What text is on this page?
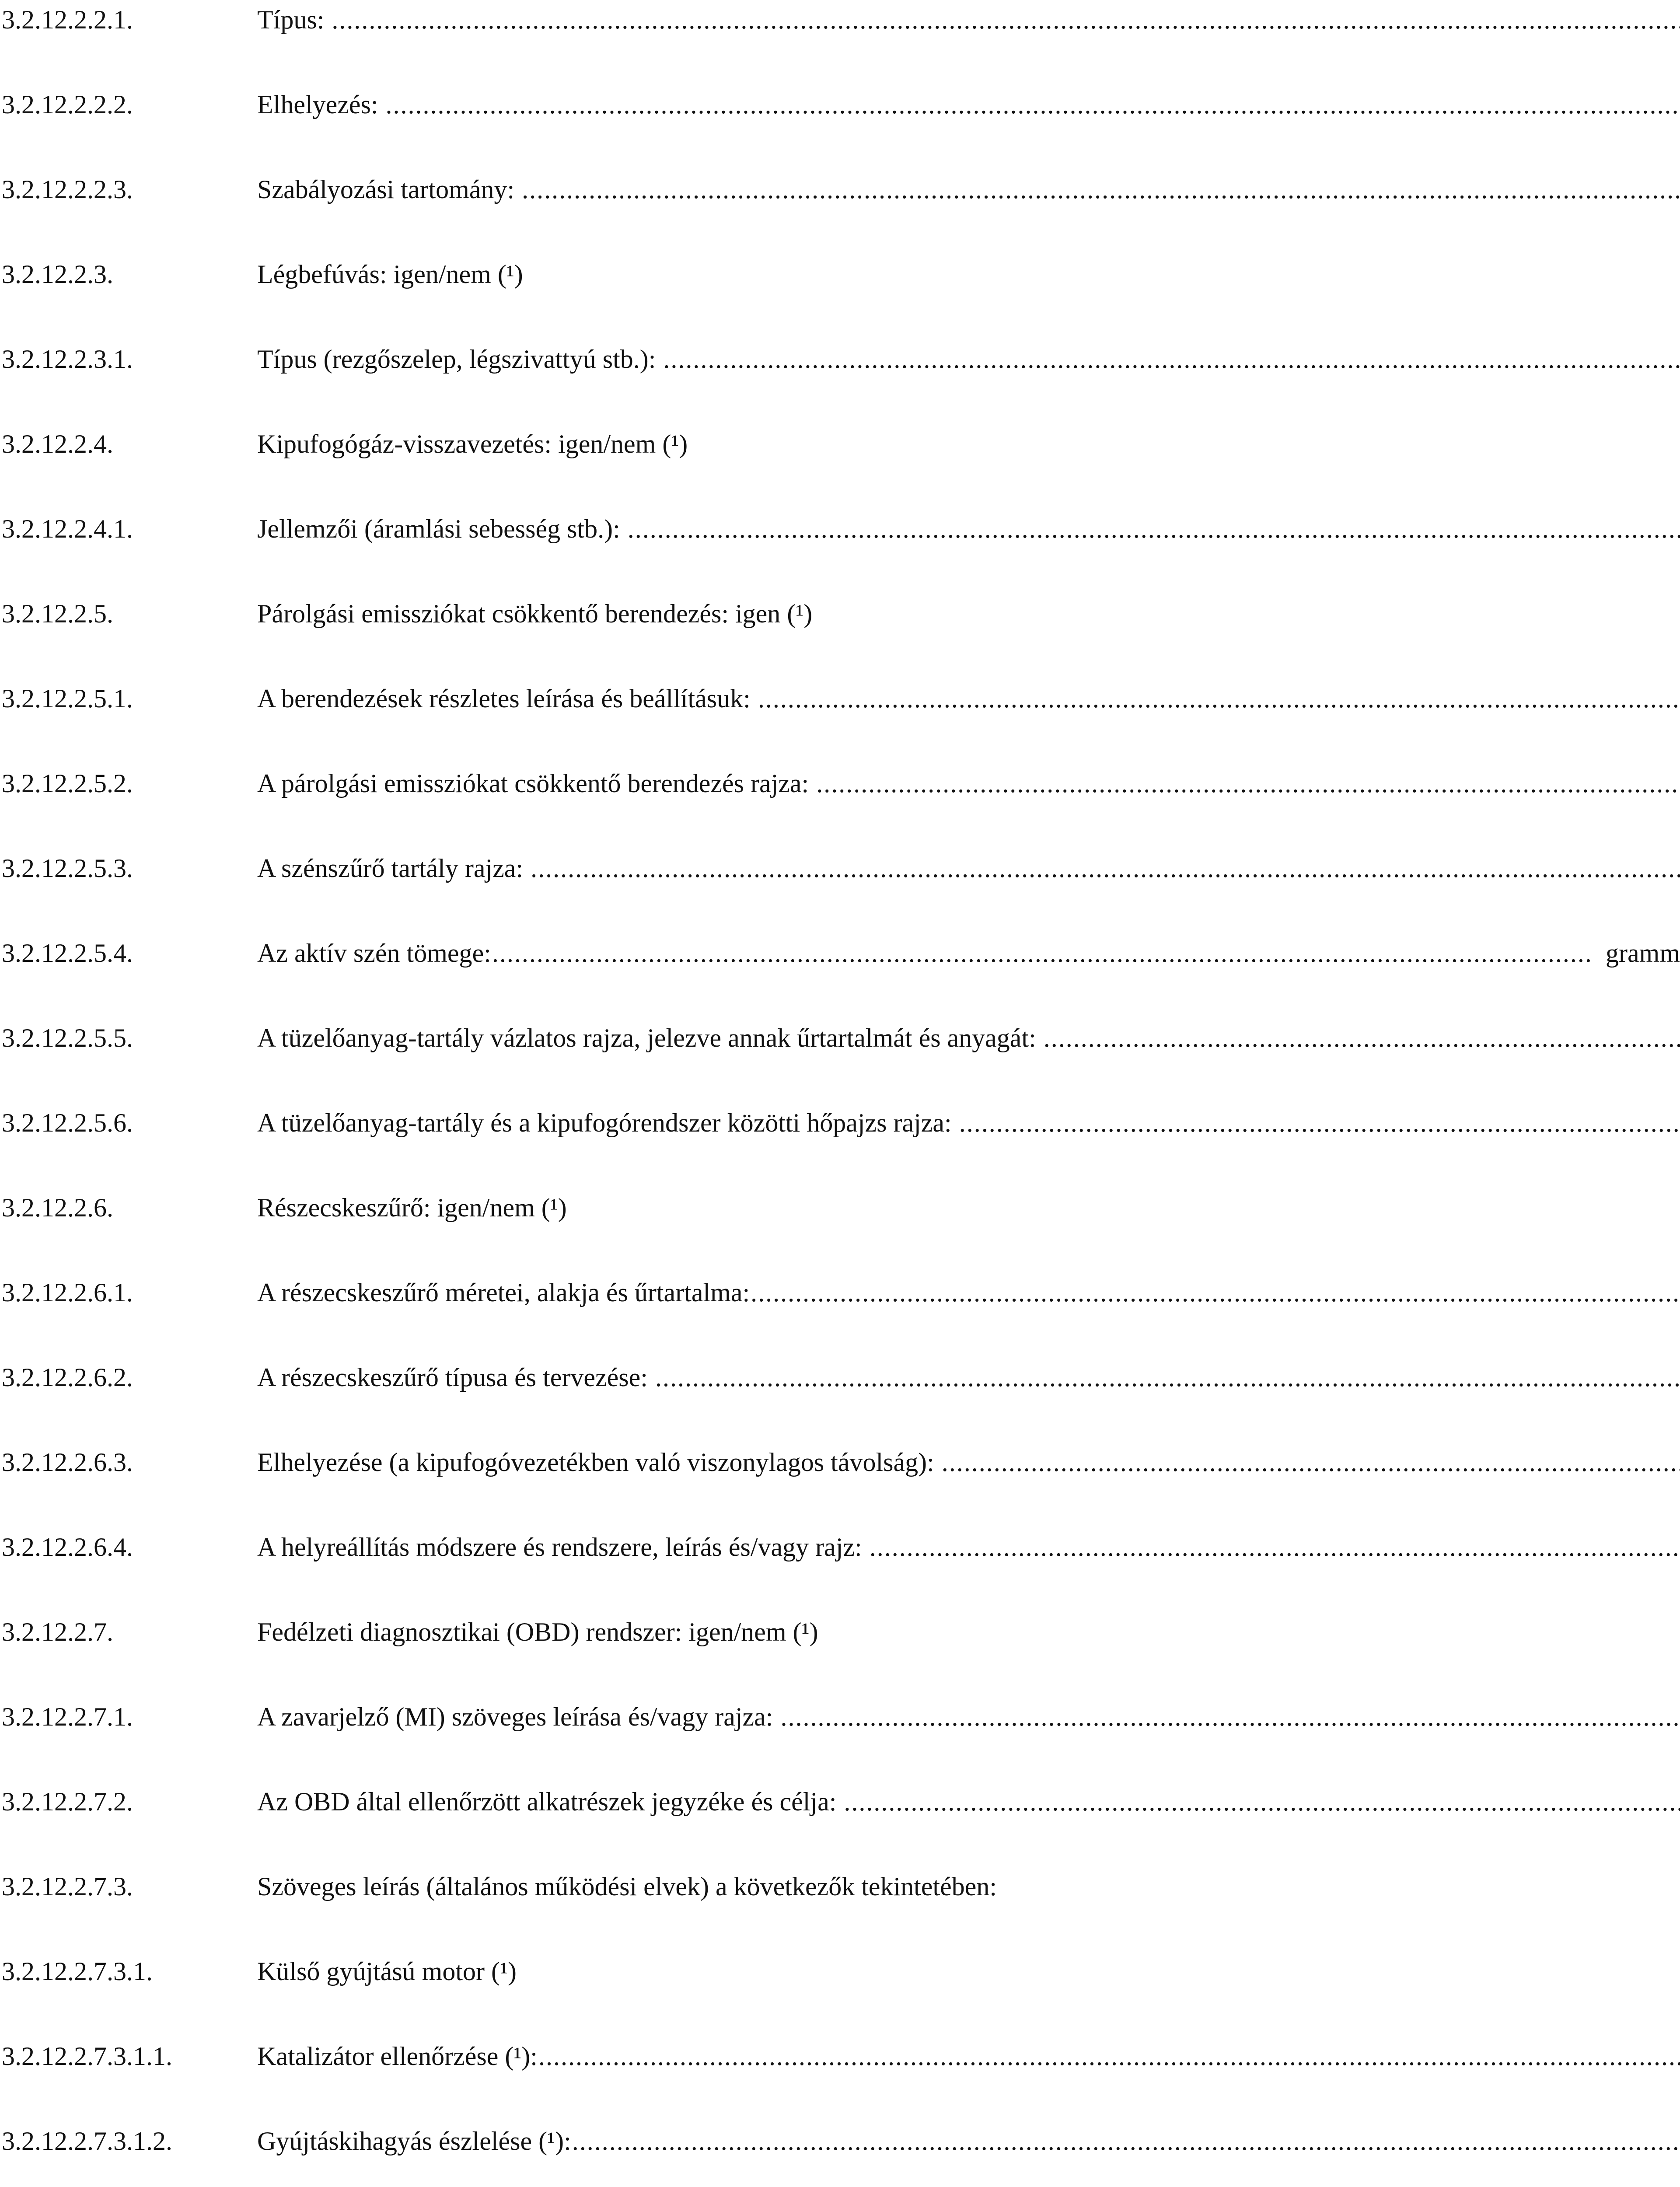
3.2.12.2.2.1.	Típus:
.....
3.2.12.2.2.2.	Elhelyezés:
.....
3.2.12.2.2.3.	Szabályozási tartomány:
.....
3.2.12.2.3.	Légbefúvás: igen/nem (¹)
3.2.12.2.3.1.	Típus (rezgőszelep, légszivattyú stb.):
.....
3.2.12.2.4.	Kipufogógáz-visszavezetés: igen/nem (¹)
3.2.12.2.4.1.	Jellemzői (áramlási sebesség stb.):
.....
3.2.12.2.5.	Párolgási emissziókat csökkentő berendezés: igen (¹)
3.2.12.2.5.1.	A berendezések részletes leírása és beállításuk:
.....
3.2.12.2.5.2.	A párolgási emissziókat csökkentő berendezés rajza:
.....
3.2.12.2.5.3.	A szénszűrő tartály rajza:
.....
3.2.12.2.5.4.	Az aktív szén tömege:
.....	gramm
3.2.12.2.5.5.	A tüzelőanyag-tartály vázlatos rajza, jelezve annak űrtartalmát és anyagát:
.....
3.2.12.2.5.6.	A tüzelőanyag-tartály és a kipufogórendszer közötti hőpajzs rajza:
.....
3.2.12.2.6.	Részecskeszűrő: igen/nem (¹)
3.2.12.2.6.1.	A részecskeszűrő méretei, alakja és űrtartalma:
.....
3.2.12.2.6.2.	A részecskeszűrő típusa és tervezése:
.....
3.2.12.2.6.3.	Elhelyezése (a kipufogóvezetékben való viszonylagos távolság):
.....
3.2.12.2.6.4.	A helyreállítás módszere és rendszere, leírás és/vagy rajz:
.....
3.2.12.2.7.	Fedélzeti diagnosztikai (OBD) rendszer: igen/nem (¹)
3.2.12.2.7.1.	A zavarjelző (MI) szöveges leírása és/vagy rajza:
.....
3.2.12.2.7.2.	Az OBD által ellenőrzött alkatrészek jegyzéke és célja:
.....
3.2.12.2.7.3.	Szöveges leírás (általános működési elvek) a következők tekintetében:
3.2.12.2.7.3.1.	Külső gyújtású motor (¹)
3.2.12.2.7.3.1.1.	Katalizátor ellenőrzése (¹):
.....
3.2.12.2.7.3.1.2.	Gyújtáskihagyás észlelése (¹):
.....
